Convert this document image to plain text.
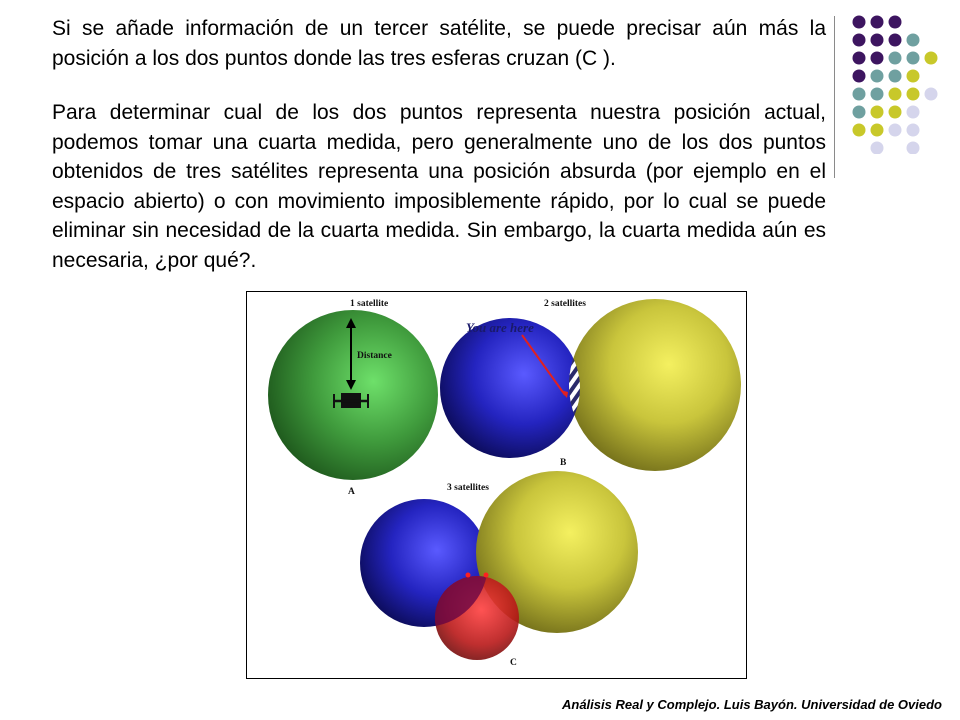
Si se añade información de un tercer satélite, se puede precisar aún más la posición a los dos puntos donde las tres esferas cruzan (C ).

Para determinar cual de los dos puntos representa nuestra posición actual, podemos tomar una cuarta medida, pero generalmente uno de los dos puntos obtenidos de tres satélites representa una posición absurda (por ejemplo en el espacio abierto) o con movimiento imposiblemente rápido, por lo cual se puede eliminar sin necesidad de la cuarta medida. Sin embargo, la cuarta medida aún es necesaria, ¿por qué?.

1 satellite
Distance
A
2 satellites
You are here
B
3 satellites
C
Análisis Real y Complejo. Luis Bayón. Universidad de Oviedo
